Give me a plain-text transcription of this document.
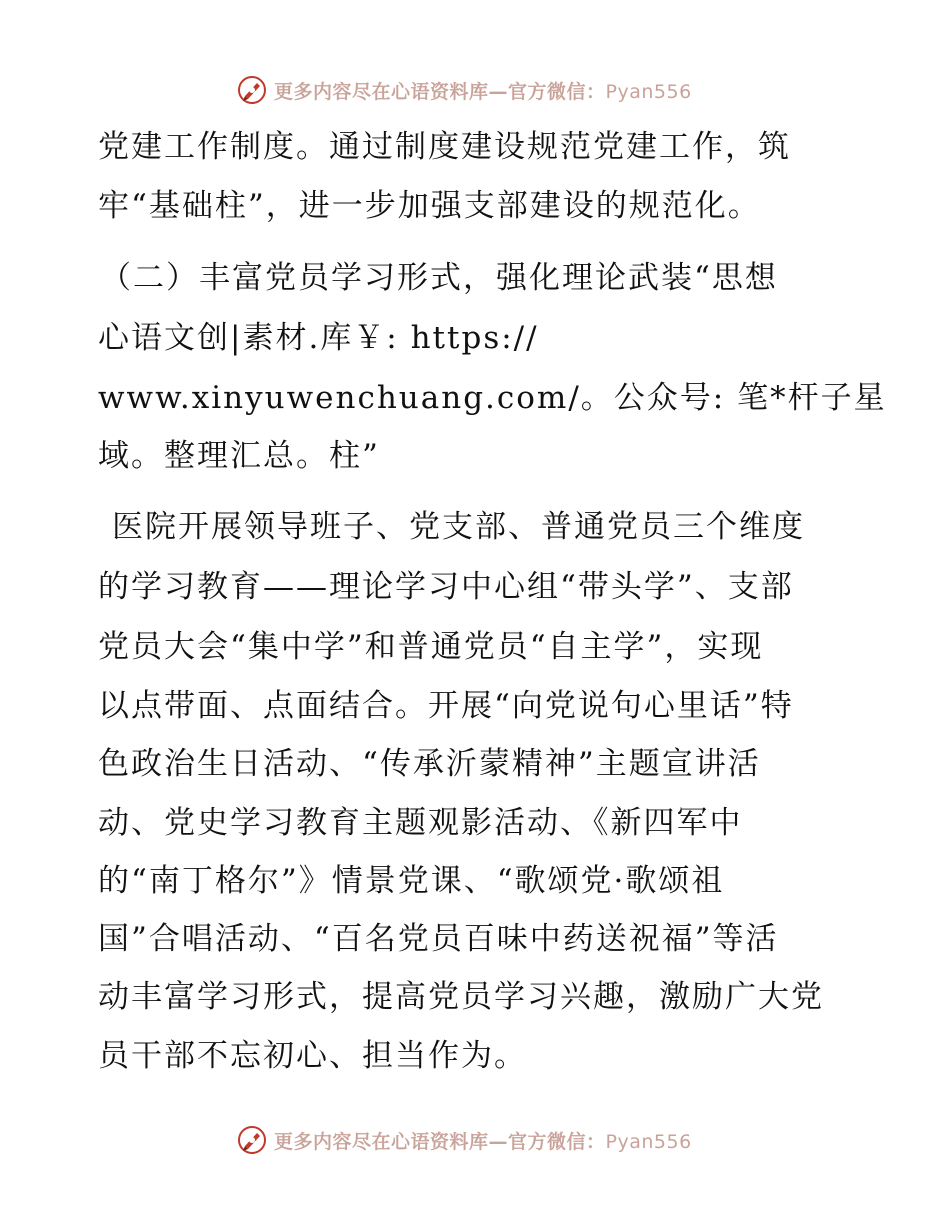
更多内容尽在心语资料库—官方微信：Pyan556

党建工作制度。通过制度建设规范党建工作，筑

牢“基础柱”，进一步加强支部建设的规范化。

（二）丰富党员学习形式，强化理论武装“思想

心语文创|素材.库￥: https://

www.xinyuwenchuang.com/。公众号: 笔*杆子星

域。整理汇总。柱”

医院开展领导班子、党支部、普通党员三个维度

的学习教育——理论学习中心组“带头学”、支部

党员大会“集中学”和普通党员“自主学”，实现

以点带面、点面结合。开展“向党说句心里话”特

色政治生日活动、“传承沂蒙精神”主题宣讲活

动、党史学习教育主题观影活动、《新四军中

的“南丁格尔”》情景党课、“歌颂党·歌颂祖

国”合唱活动、“百名党员百味中药送祝福”等活

动丰富学习形式，提高党员学习兴趣，激励广大党

员干部不忘初心、担当作为。

更多内容尽在心语资料库—官方微信：Pyan556
